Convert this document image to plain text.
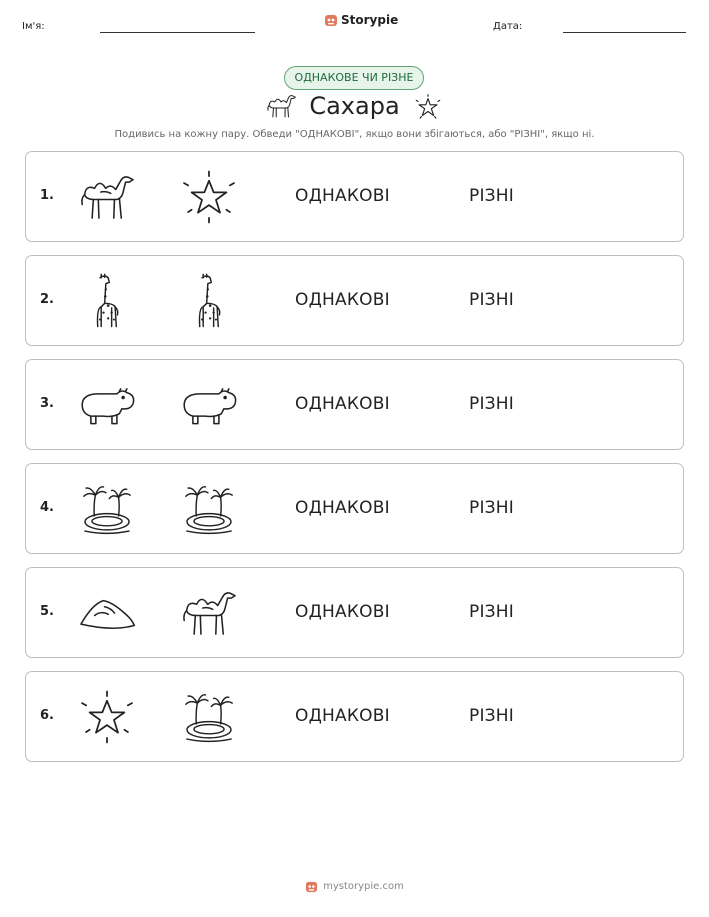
Ім'я:	Storypie	Дата:
ОДНАКОВЕ ЧИ РІЗНЕ
Сахара
Подивись на кожну пару. Обведи "ОДНАКОВІ", якщо вони збігаються, або "РІЗНІ", якщо ні.
1.	ОДНАКОВІ	РІЗНІ
2.	ОДНАКОВІ	РІЗНІ
3.	ОДНАКОВІ	РІЗНІ
4.	ОДНАКОВІ	РІЗНІ
5.	ОДНАКОВІ	РІЗНІ
6.	ОДНАКОВІ	РІЗНІ
mystorypie.com
